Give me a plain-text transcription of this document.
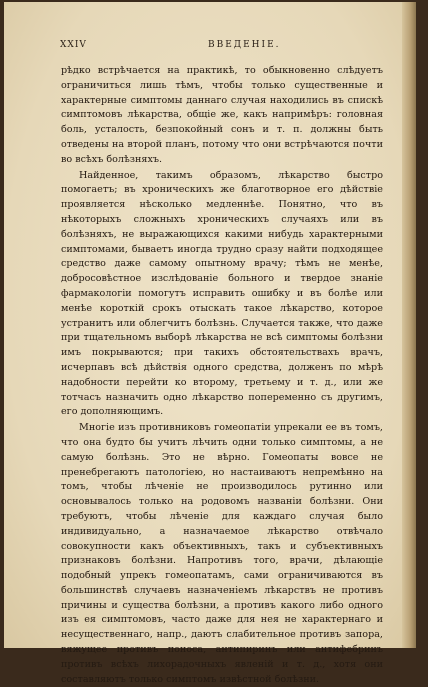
XXIV	ВВЕДЕНІЕ.

рѣдко встрѣчается на практикѣ, то обыкновенно слѣдуетъ ограничиться лишь тѣмъ, чтобы только существенные и характерные симптомы даннаго случая находились въ спискѣ симптомовъ лѣкарства, общіе же, какъ напримѣръ: головная боль, усталость, безпокойный сонъ и т. п. должны быть отведены на второй планъ, потому что они встрѣчаются почти во всѣхъ болѣзняхъ.

Найденное, такимъ образомъ, лѣкарство быстро помогаетъ; въ хроническихъ же благотворное его дѣйствіе проявляется нѣсколько медленнѣе. Понятно, что въ нѣкоторыхъ сложныхъ хроническихъ случаяхъ или въ болѣзняхъ, не выражающихся какими нибудь характерными симптомами, бываетъ иногда трудно сразу найти подходящее средство даже самому опытному врачу; тѣмъ не менѣе, добросовѣстное изслѣдованіе больного и твердое знаніе фармакологіи помогутъ исправить ошибку и въ болѣе или менѣе короткій срокъ отыскать такое лѣкарство, которое устранитъ или облегчитъ болѣзнь. Случается также, что даже при тщательномъ выборѣ лѣкарства не всѣ симптомы болѣзни имъ покрываются; при такихъ обстоятельствахъ врачъ, исчерпавъ всѣ дѣйствія одного средства, долженъ по мѣрѣ надобности перейти ко второму, третьему и т. д., или же тотчасъ назначить одно лѣкарство попеременно съ другимъ, его дополняющимъ.

Многіе изъ противниковъ гомеопатіи упрекали ее въ томъ, что она будто бы учитъ лѣчить одни только симптомы, а не самую болѣзнь. Это не вѣрно. Гомеопаты вовсе не пренебрегаютъ патологіею, но настаиваютъ непремѣнно на томъ, чтобы лѣченіе не производилось рутинно или основывалось только на родовомъ названіи болѣзни. Они требуютъ, чтобы лѣченіе для каждаго случая было индивидуально, а назначаемое лѣкарство отвѣчало совокупности какъ объективныхъ, такъ и субъективныхъ признаковъ болѣзни. Напротивъ того, врачи, дѣлающіе подобный упрекъ гомеопатамъ, сами ограничиваются въ большинствѣ случаевъ назначеніемъ лѣкарствъ не противъ причины и существа болѣзни, а противъ какого либо одного изъ ея симптомовъ, часто даже для нея не характернаго и несущественнаго, напр., даютъ слабительное противъ запора, вяжущее противъ поноса, антипиринъ или антифебринъ противъ всѣхъ лихорадочныхъ явленій и т. д., хотя они составляютъ только симптомъ извѣстной болѣзни.
